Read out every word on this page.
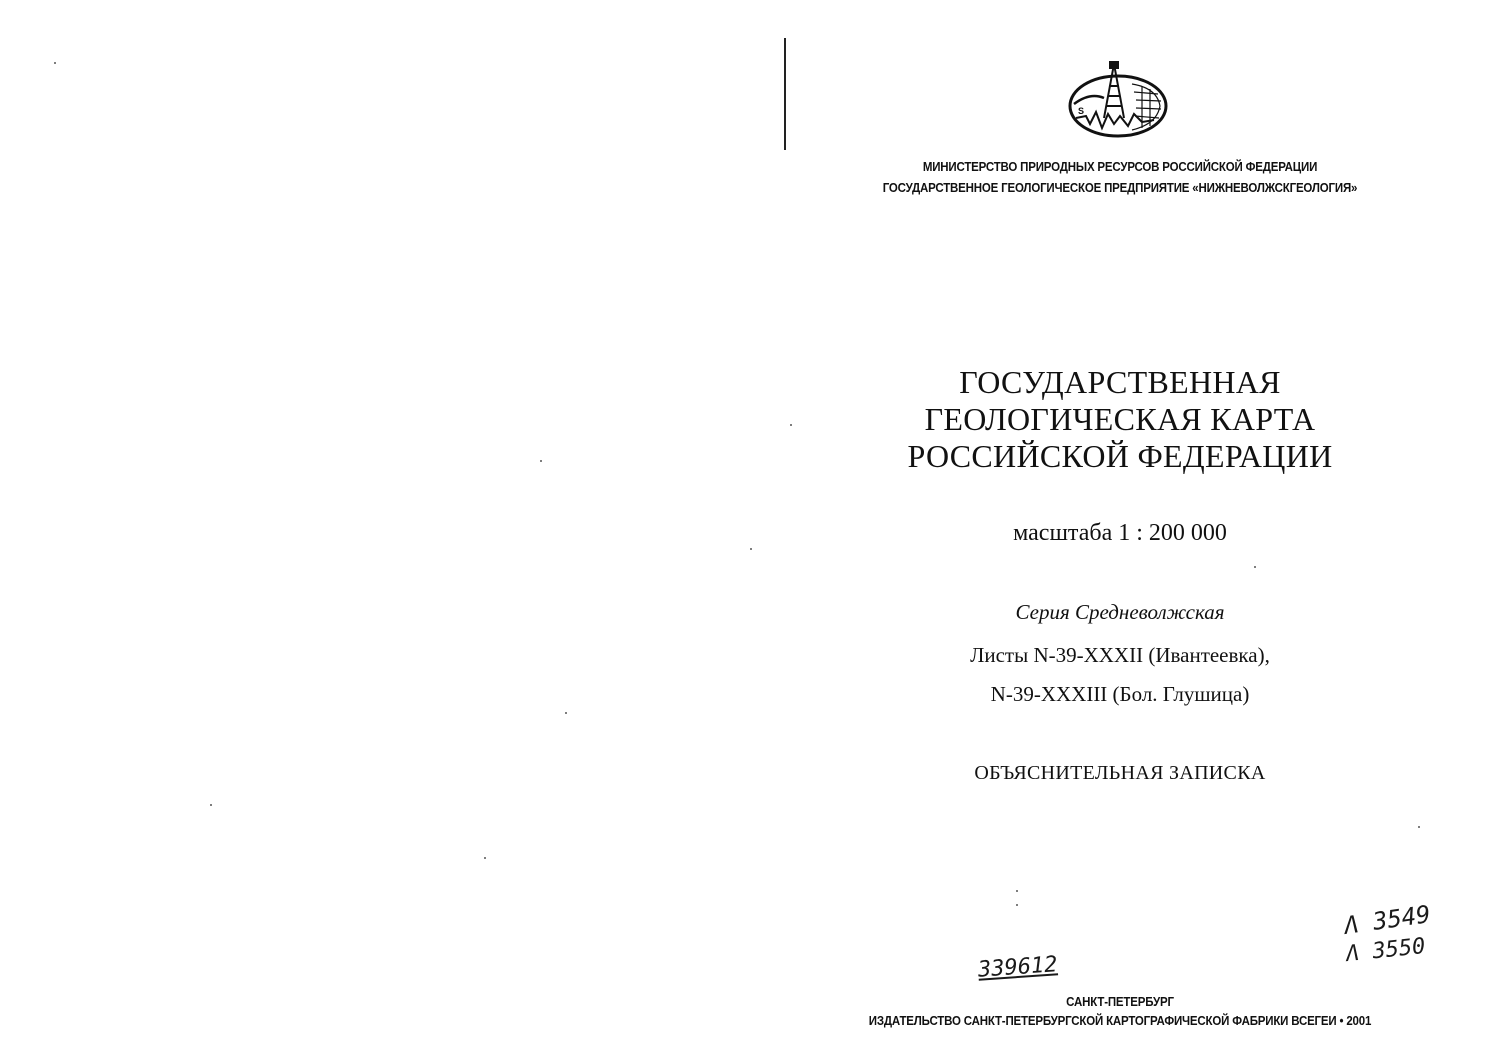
S
МИНИСТЕРСТВО ПРИРОДНЫХ РЕСУРСОВ РОССИЙСКОЙ ФЕДЕРАЦИИ
ГОСУДАРСТВЕННОЕ ГЕОЛОГИЧЕСКОЕ ПРЕДПРИЯТИЕ «НИЖНЕВОЛЖСКГЕОЛОГИЯ»
ГОСУДАРСТВЕННАЯ
ГЕОЛОГИЧЕСКАЯ КАРТА
РОССИЙСКОЙ ФЕДЕРАЦИИ
масштаба 1 : 200 000
Серия Средневолжская
Листы N-39-XXXII (Ивантеевка),
N-39-XXXIII (Бол. Глушица)
ОБЪЯСНИТЕЛЬНАЯ ЗАПИСКА
Λ 3549
Λ 3550
339612
САНКТ-ПЕТЕРБУРГ
ИЗДАТЕЛЬСТВО САНКТ-ПЕТЕРБУРГСКОЙ КАРТОГРАФИЧЕСКОЙ ФАБРИКИ ВСЕГЕИ • 2001
